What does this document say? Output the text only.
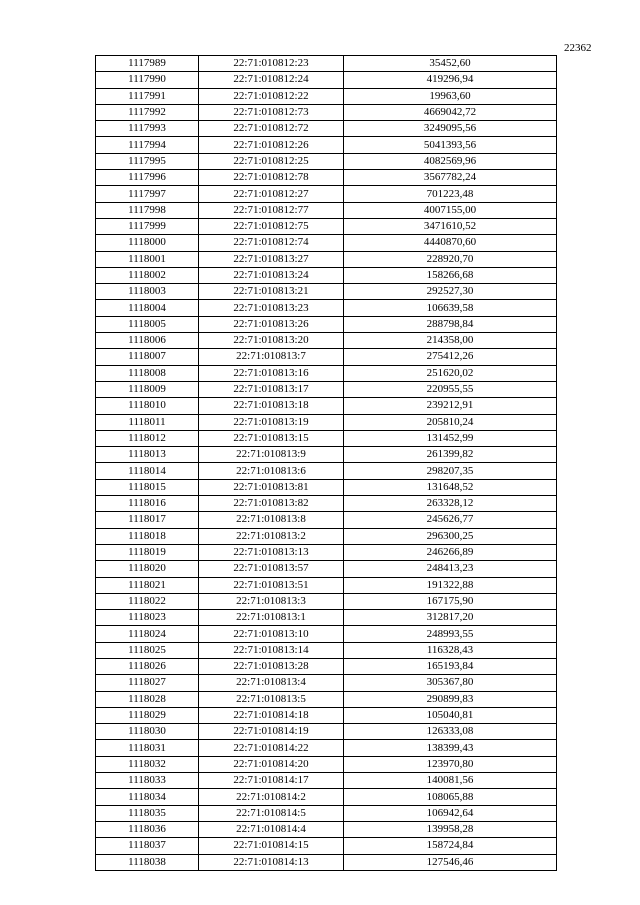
22362
1117989	22:71:010812:23	35452,60
1117990	22:71:010812:24	419296,94
1117991	22:71:010812:22	19963,60
1117992	22:71:010812:73	4669042,72
1117993	22:71:010812:72	3249095,56
1117994	22:71:010812:26	5041393,56
1117995	22:71:010812:25	4082569,96
1117996	22:71:010812:78	3567782,24
1117997	22:71:010812:27	701223,48
1117998	22:71:010812:77	4007155,00
1117999	22:71:010812:75	3471610,52
1118000	22:71:010812:74	4440870,60
1118001	22:71:010813:27	228920,70
1118002	22:71:010813:24	158266,68
1118003	22:71:010813:21	292527,30
1118004	22:71:010813:23	106639,58
1118005	22:71:010813:26	288798,84
1118006	22:71:010813:20	214358,00
1118007	22:71:010813:7	275412,26
1118008	22:71:010813:16	251620,02
1118009	22:71:010813:17	220955,55
1118010	22:71:010813:18	239212,91
1118011	22:71:010813:19	205810,24
1118012	22:71:010813:15	131452,99
1118013	22:71:010813:9	261399,82
1118014	22:71:010813:6	298207,35
1118015	22:71:010813:81	131648,52
1118016	22:71:010813:82	263328,12
1118017	22:71:010813:8	245626,77
1118018	22:71:010813:2	296300,25
1118019	22:71:010813:13	246266,89
1118020	22:71:010813:57	248413,23
1118021	22:71:010813:51	191322,88
1118022	22:71:010813:3	167175,90
1118023	22:71:010813:1	312817,20
1118024	22:71:010813:10	248993,55
1118025	22:71:010813:14	116328,43
1118026	22:71:010813:28	165193,84
1118027	22:71:010813:4	305367,80
1118028	22:71:010813:5	290899,83
1118029	22:71:010814:18	105040,81
1118030	22:71:010814:19	126333,08
1118031	22:71:010814:22	138399,43
1118032	22:71:010814:20	123970,80
1118033	22:71:010814:17	140081,56
1118034	22:71:010814:2	108065,88
1118035	22:71:010814:5	106942,64
1118036	22:71:010814:4	139958,28
1118037	22:71:010814:15	158724,84
1118038	22:71:010814:13	127546,46
